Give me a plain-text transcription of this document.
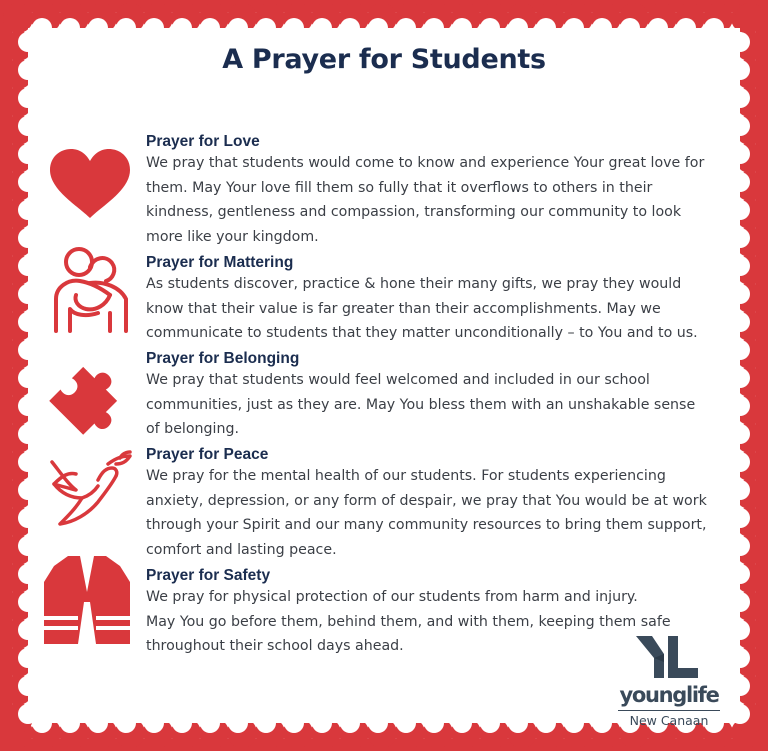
A Prayer for Students
Prayer for Love
We pray that students would come to know and experience Your great love for
them. May Your love fill them so fully that it overflows to others in their
kindness, gentleness and compassion, transforming our community to look
more like your kingdom.
Prayer for Mattering
As students discover, practice & hone their many gifts, we pray they would
know that their value is far greater than their accomplishments. May we
communicate to students that they matter unconditionally – to You and to us.
Prayer for Belonging
We pray that students would feel welcomed and included in our school
communities, just as they are. May You bless them with an unshakable sense
of belonging.
Prayer for Peace
We pray for the mental health of our students. For students experiencing
anxiety, depression, or any form of despair, we pray that You would be at work
through your Spirit and our many community resources to bring them support,
comfort and lasting peace.
Prayer for Safety
We pray for physical protection of our students from harm and injury.
May You go before them, behind them, and with them, keeping them safe
throughout their school days ahead.
younglife
New Canaan
